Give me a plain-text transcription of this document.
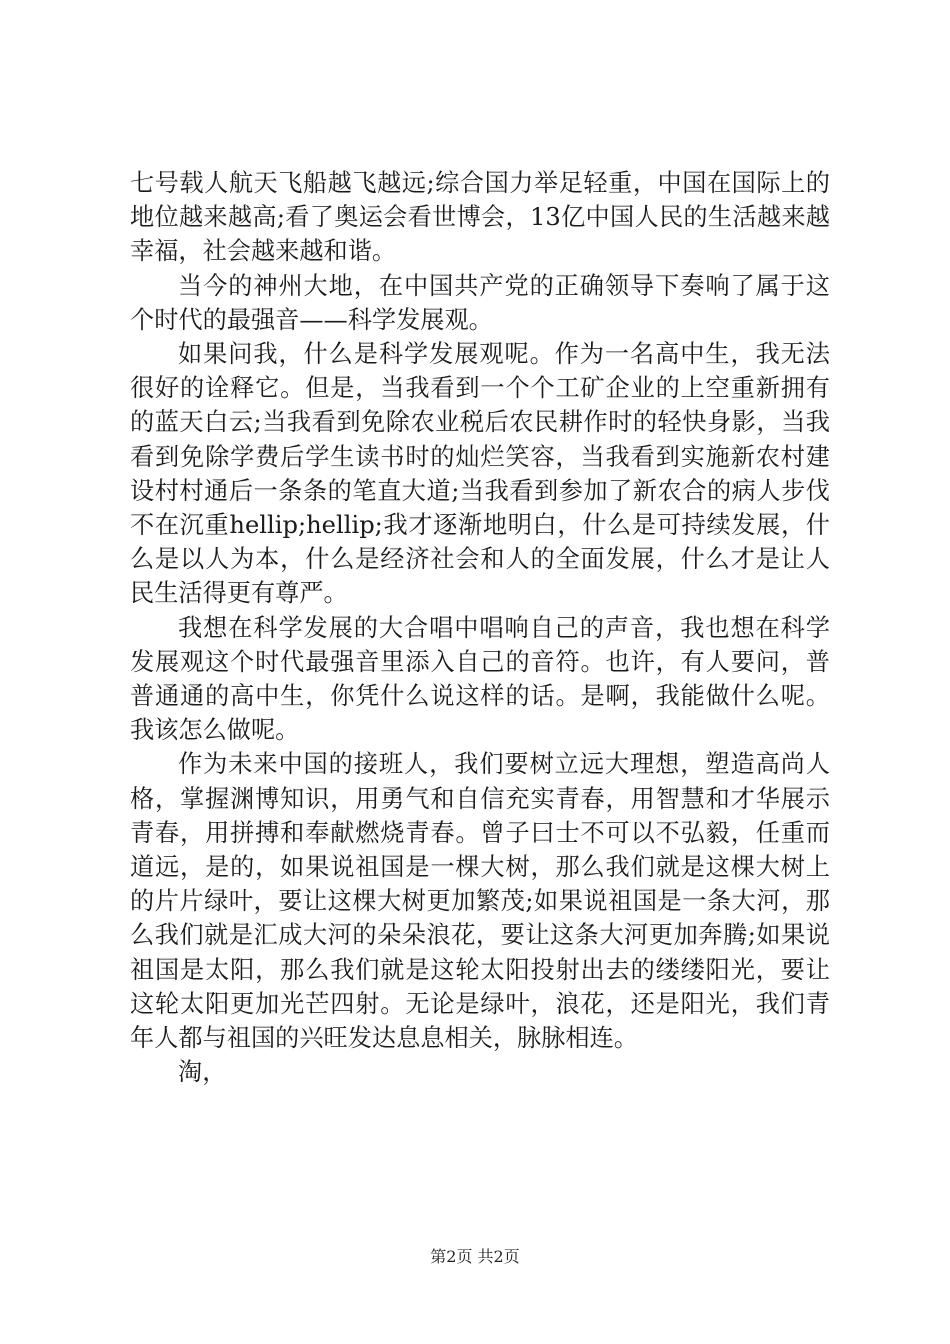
七号载人航天飞船越飞越远;综合国力举足轻重，中国在国际上的地位越来越高;看了奥运会看世博会，13亿中国人民的生活越来越幸福，社会越来越和谐。

当今的神州大地，在中国共产党的正确领导下奏响了属于这个时代的最强音——科学发展观。

如果问我，什么是科学发展观呢。作为一名高中生，我无法很好的诠释它。但是，当我看到一个个工矿企业的上空重新拥有的蓝天白云;当我看到免除农业税后农民耕作时的轻快身影，当我看到免除学费后学生读书时的灿烂笑容，当我看到实施新农村建设村村通后一条条的笔直大道;当我看到参加了新农合的病人步伐不在沉重hellip;hellip;我才逐渐地明白，什么是可持续发展，什么是以人为本，什么是经济社会和人的全面发展，什么才是让人民生活得更有尊严。

我想在科学发展的大合唱中唱响自己的声音，我也想在科学发展观这个时代最强音里添入自己的音符。也许，有人要问，普普通通的高中生，你凭什么说这样的话。是啊，我能做什么呢。我该怎么做呢。

作为未来中国的接班人，我们要树立远大理想，塑造高尚人格，掌握渊博知识，用勇气和自信充实青春，用智慧和才华展示青春，用拼搏和奉献燃烧青春。曾子曰士不可以不弘毅，任重而道远，是的，如果说祖国是一棵大树，那么我们就是这棵大树上的片片绿叶，要让这棵大树更加繁茂;如果说祖国是一条大河，那么我们就是汇成大河的朵朵浪花，要让这条大河更加奔腾;如果说祖国是太阳，那么我们就是这轮太阳投射出去的缕缕阳光，要让这轮太阳更加光芒四射。无论是绿叶，浪花，还是阳光，我们青年人都与祖国的兴旺发达息息相关，脉脉相连。

淘，

第2页 共2页
